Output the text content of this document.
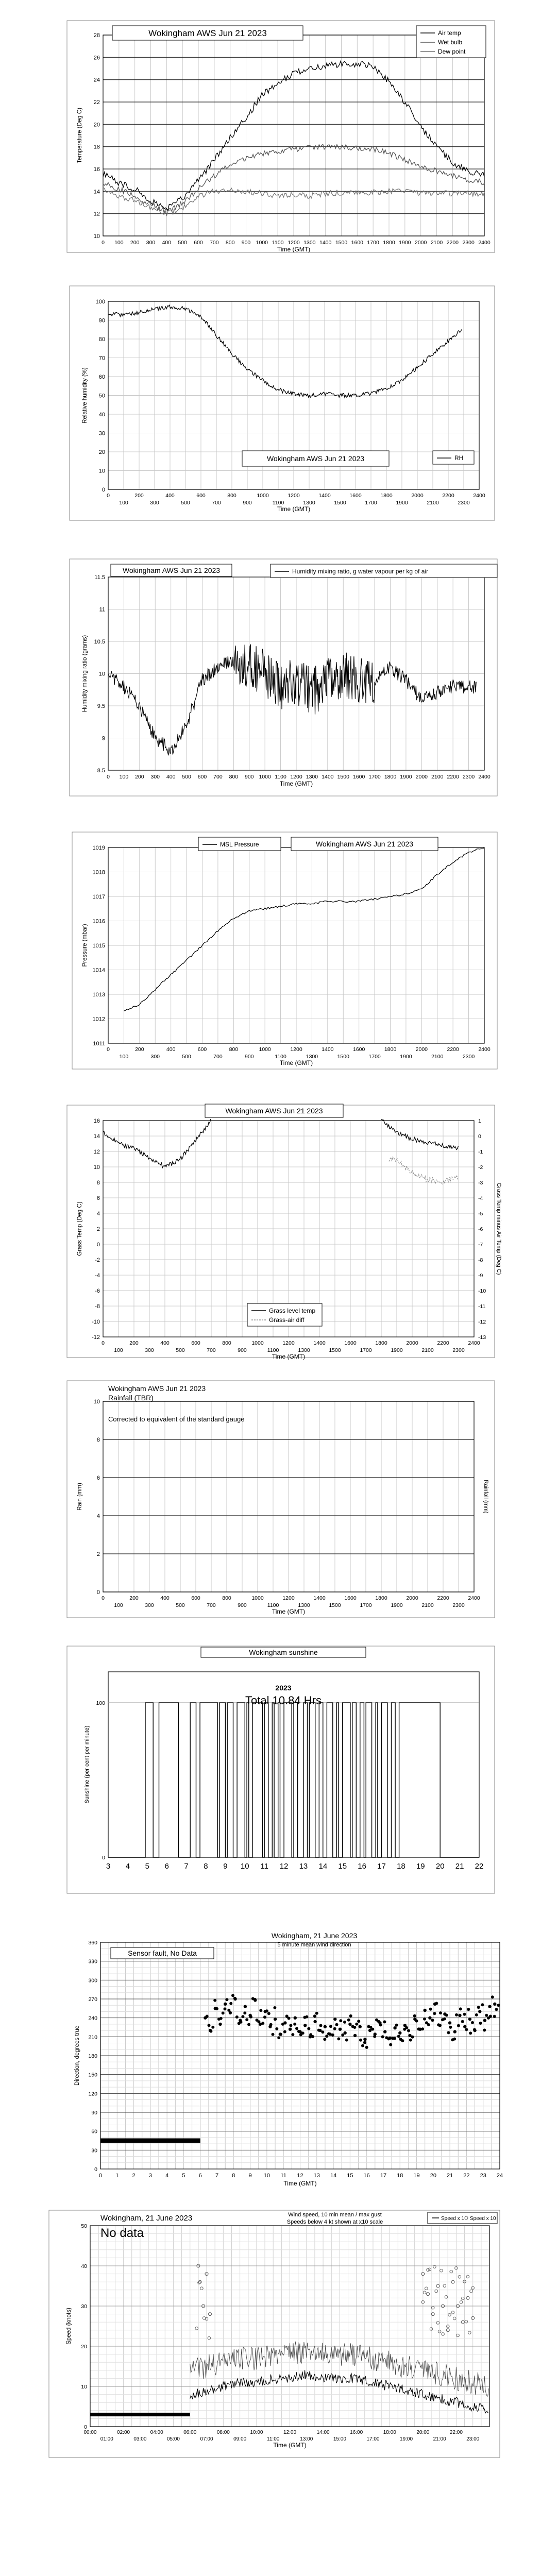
10
12
14
16
18
20
22
24
26
28
0 100 200 300 400 500 600 700 800 900 1000 1100 1200 1300 1400 1500 1600 1700 1800 1900 2000 2100 2200 2300 2400
Time (GMT)
Temperature (Deg C)
Wokingham AWS Jun 21 2023	Air temp
Wet bulb
Dew point
0
10
20
30
40
50
60
70
80
90
100
0	200	400	600	800	1000	1200	1400	1600	1800	2000	2200	2400
100	300	500	700	900	1100	1300	1500	1700	1900	2100	2300
Time (GMT)
Relative humidity (%)
Wokingham AWS Jun 21 2023	RH
8.5
9
9.5
10
10.5
11
11.5
0 100 200 300 400 500 600 700 800 900 1000 1100 1200 1300 1400 1500 1600 1700 1800 1900 2000 2100 2200 2300 2400
Time (GMT)
Humidity mixing ratio (grams)
Wokingham AWS Jun 21 2023	Humidity mixing ratio, g water vapour per kg of air
1011
1012
1013
1014
1015
1016
1017
1018
1019
0	200	400	600	800	1000	1200	1400	1600	1800	2000	2200	2400
100	300	500	700	900	1100	1300	1500	1700	1900	2100	2300
Time (GMT)
Pressure (mbar)
MSL Pressure	Wokingham AWS Jun 21 2023
-12
-10
-8
-6
-4
-2
0
2
4
6
8
10
12
14
16
0	200	400	600	800	1000	1200	1400	1600	1800	2000	2200	2400
100	300	500	700	900	1100	1300	1500	1700	1900	2100	2300
Time (GMT)
Grass Temp (Deg C)
1
0
-1
-2
-3
-4
-5
-6
-7
-8
-9
-10
-11
-12
-13
Grass Temp minus Air Temp (Deg C)
Wokingham AWS Jun 21 2023
Grass level temp
Grass-air diff
0
2
4
6
8
10
0	200	400	600	800	1000	1200	1400	1600	1800	2000	2200	2400
100	300	500	700	900	1100	1300	1500	1700	1900	2100	2300
Time (GMT)
Rain (mm)
Wokingham AWS Jun 21 2023
Rainfall (TBR)
Corrected to equivalent of the standard gauge
Rainfall (mm)
0
100
3 4 5 6 7 8 9 10 11 12 13 14 15 16 17 18 19 20 21 22
Sunshine (per cent per minute)
Wokingham sunshine
2023
Total 10.84 Hrs
0
30
60
90
120
150
180
210
240
270
300
330
360
0 1 2 3 4 5 6 7 8 9 10 11 12 13 14 15 16 17 18 19 20 21 22 23 24
Time (GMT)
Direction, degrees true
Wokingham, 21 June 2023
5 minute mean wind direction
Sensor fault, No Data
0
10
20
30
40
50
00:00	02:00	04:00	06:00	08:00	10:00	12:00	14:00	16:00	18:00	20:00	22:00
01:00	03:00	05:00	07:00	09:00	11:00	13:00	15:00	17:00	19:00	21:00	23:00
Time (GMT)
Speed (knots)
Wokingham, 21 June 2023
No data
Wind speed, 10 min mean / max gust
Speeds below 4 kt shown at x10 scale
Speed x 1 Speed x 10
